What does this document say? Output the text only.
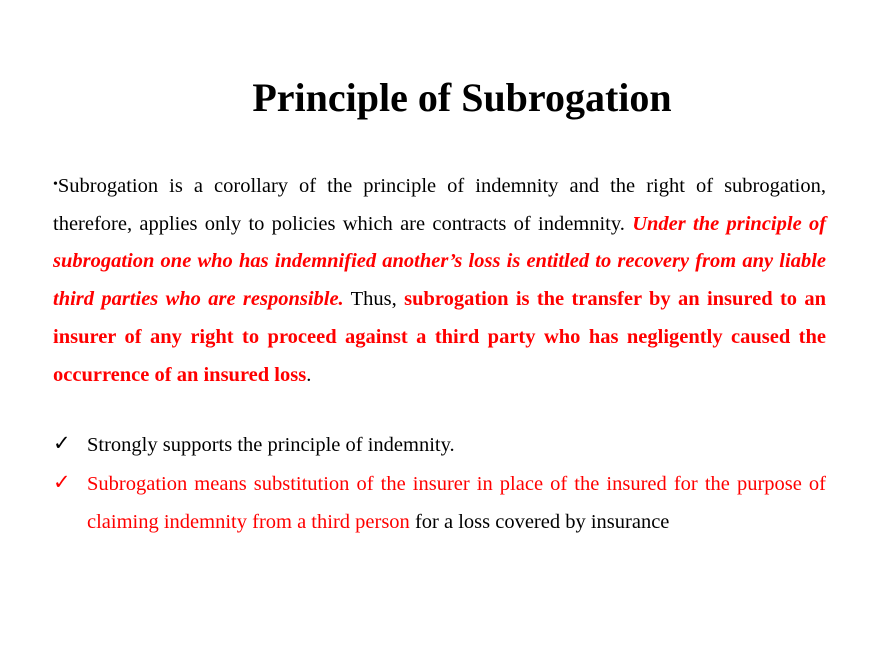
Principle of Subrogation

•Subrogation is a corollary of the principle of indemnity and the right of subrogation, therefore, applies only to policies which are contracts of indemnity. Under the principle of subrogation one who has indemnified another’s loss is entitled to recovery from any liable third parties who are responsible. Thus, subrogation is the transfer by an insured to an insurer of any right to proceed against a third party who has negligently caused the occurrence of an insured loss.

✓ Strongly supports the principle of indemnity.

✓ Subrogation means substitution of the insurer in place of the insured for the purpose of claiming indemnity from a third person for a loss covered by insurance
